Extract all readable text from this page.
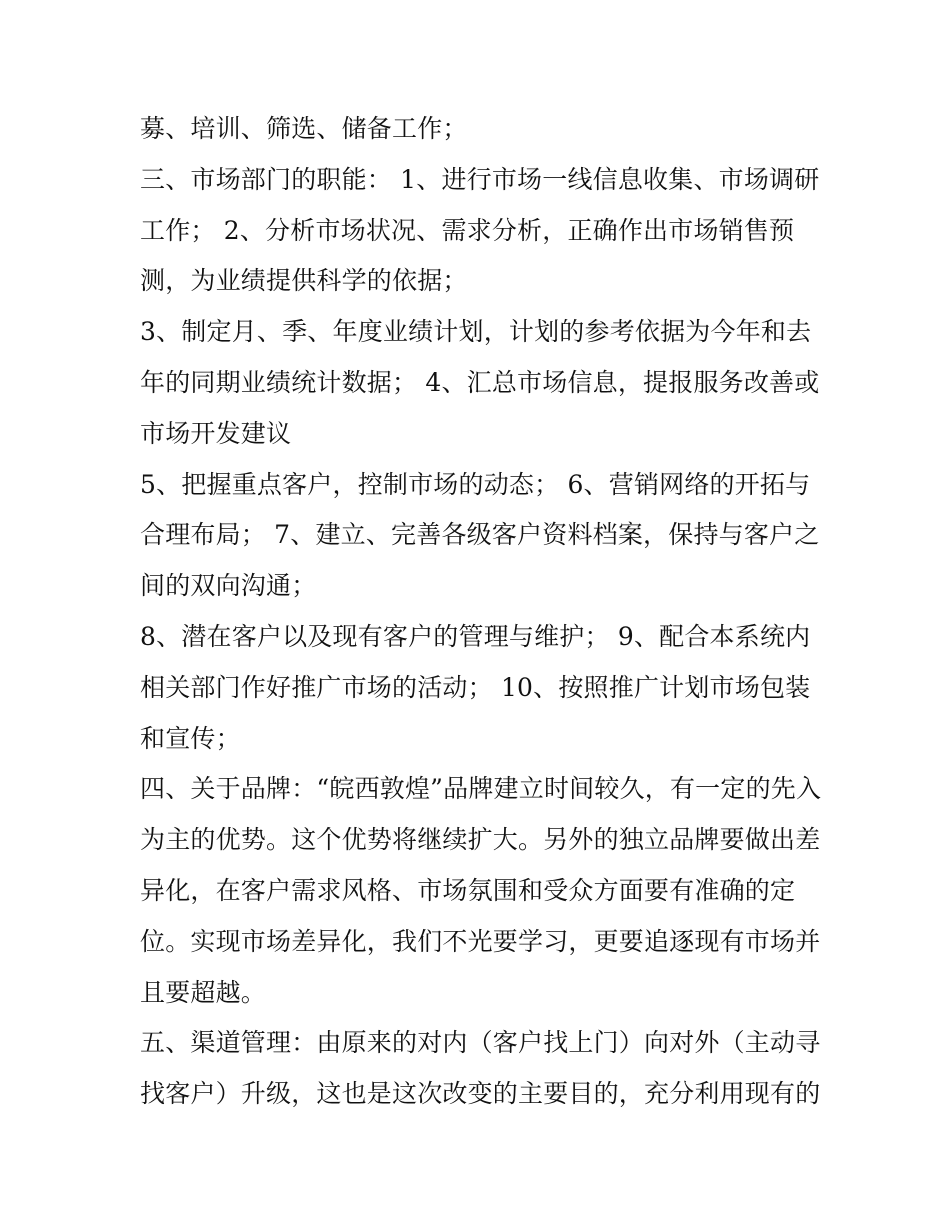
募、培训、筛选、储备工作；
三、市场部门的职能： 1、进行市场一线信息收集、市场调研
工作； 2、分析市场状况、需求分析，正确作出市场销售预
测，为业绩提供科学的依据；
3、制定月、季、年度业绩计划，计划的参考依据为今年和去
年的同期业绩统计数据； 4、汇总市场信息，提报服务改善或
市场开发建议
5、把握重点客户，控制市场的动态； 6、营销网络的开拓与
合理布局； 7、建立、完善各级客户资料档案，保持与客户之
间的双向沟通；
8、潜在客户以及现有客户的管理与维护； 9、配合本系统内
相关部门作好推广市场的活动； 10、按照推广计划市场包装
和宣传；
四、关于品牌：“皖西敦煌”品牌建立时间较久，有一定的先入
为主的优势。这个优势将继续扩大。另外的独立品牌要做出差
异化，在客户需求风格、市场氛围和受众方面要有准确的定
位。实现市场差异化，我们不光要学习，更要追逐现有市场并
且要超越。
五、渠道管理：由原来的对内（客户找上门）向对外（主动寻
找客户）升级，这也是这次改变的主要目的，充分利用现有的
